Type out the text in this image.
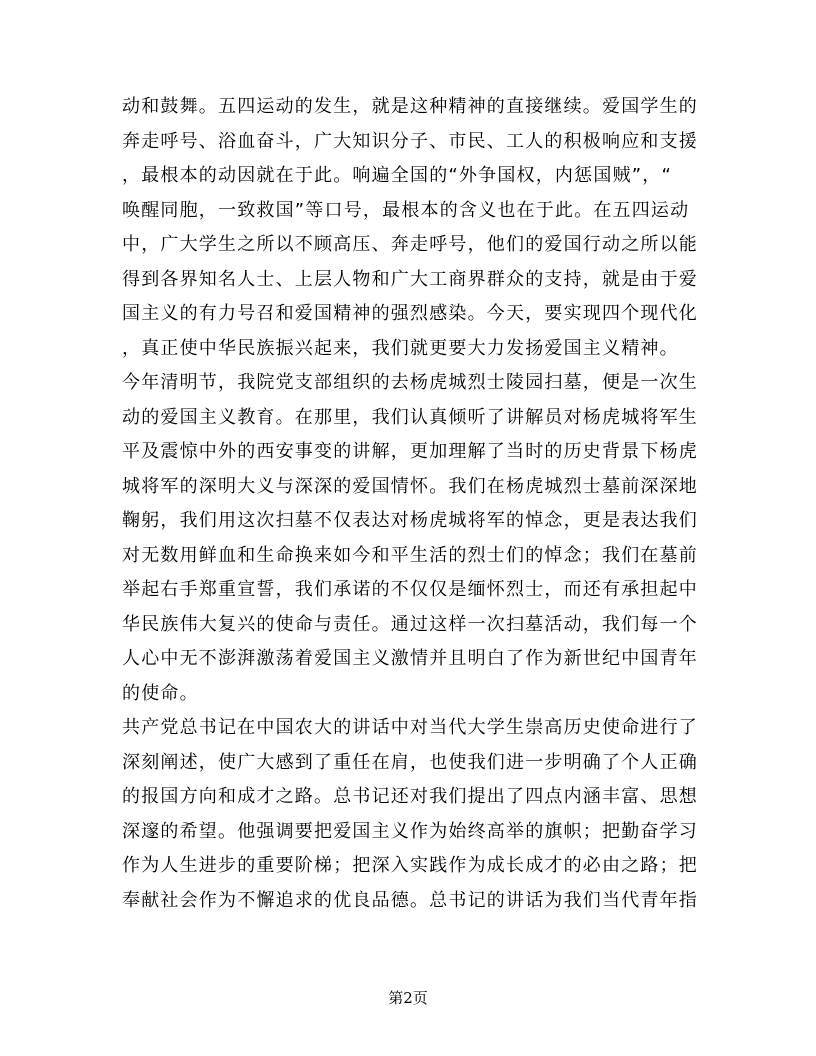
动和鼓舞。五四运动的发生，就是这种精神的直接继续。爱国学生的
奔走呼号、浴血奋斗，广大知识分子、市民、工人的积极响应和支援
，最根本的动因就在于此。响遍全国的“外争国权，内惩国贼”，“
唤醒同胞，一致救国”等口号，最根本的含义也在于此。在五四运动
中，广大学生之所以不顾高压、奔走呼号，他们的爱国行动之所以能
得到各界知名人士、上层人物和广大工商界群众的支持，就是由于爱
国主义的有力号召和爱国精神的强烈感染。今天，要实现四个现代化
，真正使中华民族振兴起来，我们就更要大力发扬爱国主义精神。
今年清明节，我院党支部组织的去杨虎城烈士陵园扫墓，便是一次生
动的爱国主义教育。在那里，我们认真倾听了讲解员对杨虎城将军生
平及震惊中外的西安事变的讲解，更加理解了当时的历史背景下杨虎
城将军的深明大义与深深的爱国情怀。我们在杨虎城烈士墓前深深地
鞠躬，我们用这次扫墓不仅表达对杨虎城将军的悼念，更是表达我们
对无数用鲜血和生命换来如今和平生活的烈士们的悼念；我们在墓前
举起右手郑重宣誓，我们承诺的不仅仅是缅怀烈士，而还有承担起中
华民族伟大复兴的使命与责任。通过这样一次扫墓活动，我们每一个
人心中无不澎湃激荡着爱国主义激情并且明白了作为新世纪中国青年
的使命。
共产党总书记在中国农大的讲话中对当代大学生崇高历史使命进行了
深刻阐述，使广大感到了重任在肩，也使我们进一步明确了个人正确
的报国方向和成才之路。总书记还对我们提出了四点内涵丰富、思想
深邃的希望。他强调要把爱国主义作为始终高举的旗帜；把勤奋学习
作为人生进步的重要阶梯；把深入实践作为成长成才的必由之路；把
奉献社会作为不懈追求的优良品德。总书记的讲话为我们当代青年指
第2页
